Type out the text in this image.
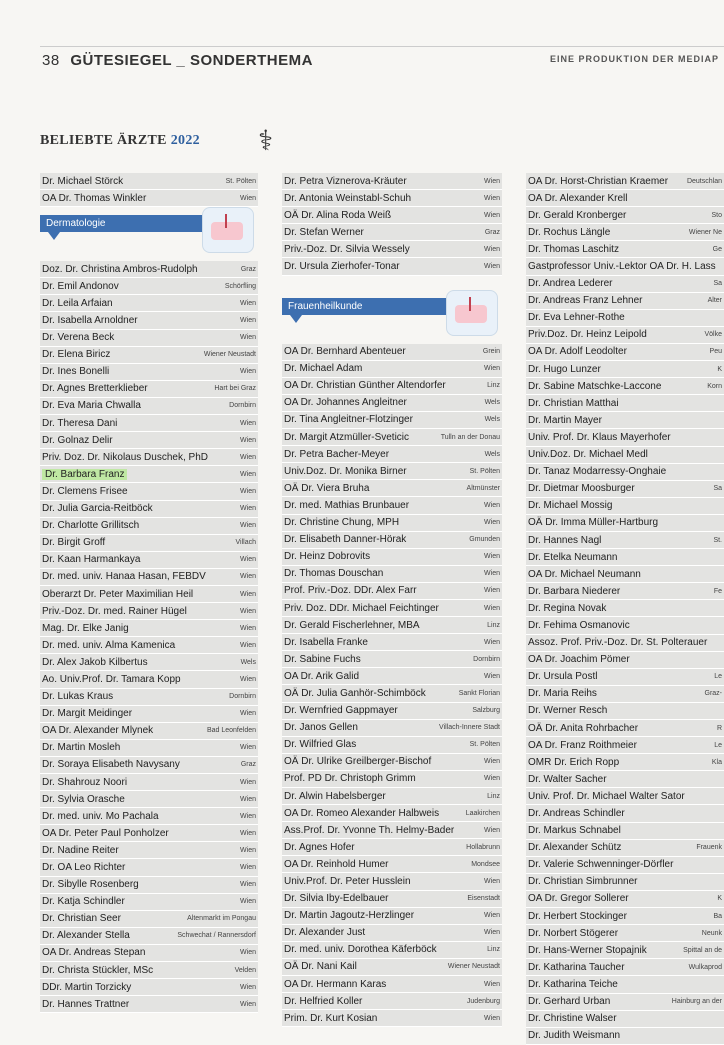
38 GÜTESIEGEL _ SONDERTHEMA	EINE PRODUKTION DER MEDIAP
BELIEBTE ÄRZTE 2022 ⚕
Dr. Michael Störck	St. Pölten
OA Dr. Thomas Winkler	Wien
Dermatologie
Doz. Dr. Christina Ambros-Rudolph	Graz
Dr. Emil Andonov	Schörfling
Dr. Leila Arfaian	Wien
Dr. Isabella Arnoldner	Wien
Dr. Verena Beck	Wien
Dr. Elena Biricz	Wiener Neustadt
Dr. Ines Bonelli	Wien
Dr. Agnes Bretterklieber	Hart bei Graz
Dr. Eva Maria Chwalla	Dornbirn
Dr. Theresa Dani	Wien
Dr. Golnaz Delir	Wien
Priv. Doz. Dr. Nikolaus Duschek, PhD	Wien
Dr. Barbara Franz	Wien
Dr. Clemens Frisee	Wien
Dr. Julia Garcia-Reitböck	Wien
Dr. Charlotte Grillitsch	Wien
Dr. Birgit Groff	Villach
Dr. Kaan Harmankaya	Wien
Dr. med. univ. Hanaa Hasan, FEBDV	Wien
Oberarzt Dr. Peter Maximilian Heil	Wien
Priv.-Doz. Dr. med. Rainer Hügel	Wien
Mag. Dr. Elke Janig	Wien
Dr. med. univ. Alma Kamenica	Wien
Dr. Alex Jakob Kilbertus	Wels
Ao. Univ.Prof. Dr. Tamara Kopp	Wien
Dr. Lukas Kraus	Dornbirn
Dr. Margit Meidinger	Wien
OA Dr. Alexander Mlynek	Bad Leonfelden
Dr. Martin Mosleh	Wien
Dr. Soraya Elisabeth Navysany	Graz
Dr. Shahrouz Noori	Wien
Dr. Sylvia Orasche	Wien
Dr. med. univ. Mo Pachala	Wien
OA Dr. Peter Paul Ponholzer	Wien
Dr. Nadine Reiter	Wien
Dr. OA Leo Richter	Wien
Dr. Sibylle Rosenberg	Wien
Dr. Katja Schindler	Wien
Dr. Christian Seer	Altenmarkt im Pongau
Dr. Alexander Stella	Schwechat / Rannersdorf
OA Dr. Andreas Stepan	Wien
Dr. Christa Stückler, MSc	Velden
DDr. Martin Torzicky	Wien
Dr. Hannes Trattner	Wien
Dr. Petra Viznerova-Kräuter	Wien
Dr. Antonia Weinstabl-Schuh	Wien
OÄ Dr. Alina Roda Weiß	Wien
Dr. Stefan Werner	Graz
Priv.-Doz. Dr. Silvia Wessely	Wien
Dr. Ursula Zierhofer-Tonar	Wien
Frauenheilkunde
OA Dr. Bernhard Abenteuer	Grein
Dr. Michael Adam	Wien
OA Dr. Christian Günther Altendorfer	Linz
OA Dr. Johannes Angleitner	Wels
Dr. Tina Angleitner-Flotzinger	Wels
Dr. Margit Atzmüller-Sveticic	Tulln an der Donau
Dr. Petra Bacher-Meyer	Wels
Univ.Doz. Dr. Monika Birner	St. Pölten
OÄ Dr. Viera Bruha	Altmünster
Dr. med. Mathias Brunbauer	Wien
Dr. Christine Chung, MPH	Wien
Dr. Elisabeth Danner-Hörak	Gmunden
Dr. Heinz Dobrovits	Wien
Dr. Thomas Douschan	Wien
Prof. Priv.-Doz. DDr. Alex Farr	Wien
Priv. Doz. DDr. Michael Feichtinger	Wien
Dr. Gerald Fischerlehner, MBA	Linz
Dr. Isabella Franke	Wien
Dr. Sabine Fuchs	Dornbirn
OA Dr. Arik Galid	Wien
OÄ Dr. Julia Ganhör-Schimböck	Sankt Florian
Dr. Wernfried Gappmayer	Salzburg
Dr. Janos Gellen	Villach-Innere Stadt
Dr. Wilfried Glas	St. Pölten
OÄ Dr. Ulrike Greilberger-Bischof	Wien
Prof. PD Dr. Christoph Grimm	Wien
Dr. Alwin Habelsberger	Linz
OA Dr. Romeo Alexander Halbweis	Laakirchen
Ass.Prof. Dr. Yvonne Th. Helmy-Bader	Wien
Dr. Agnes Hofer	Hollabrunn
OA Dr. Reinhold Humer	Mondsee
Univ.Prof. Dr. Peter Husslein	Wien
Dr. Silvia Iby-Edelbauer	Eisenstadt
Dr. Martin Jagoutz-Herzlinger	Wien
Dr. Alexander Just	Wien
Dr. med. univ. Dorothea Käferböck	Linz
OÄ Dr. Nani Kail	Wiener Neustadt
OA Dr. Hermann Karas	Wien
Dr. Helfried Koller	Judenburg
Prim. Dr. Kurt Kosian	Wien
OA Dr. Horst-Christian Kraemer	Deutschlan
OA Dr. Alexander Krell
Dr. Gerald Kronberger	Sto
Dr. Rochus Längle	Wiener Ne
Dr. Thomas Laschitz	Ge
Gastprofessor Univ.-Lektor OA Dr. H. Lass
Dr. Andrea Lederer	Sa
Dr. Andreas Franz Lehner	Alter
Dr. Eva Lehner-Rothe
Priv.Doz. Dr. Heinz Leipold	Völke
OA Dr. Adolf Leodolter	Peu
Dr. Hugo Lunzer	K
Dr. Sabine Matschke-Laccone	Korn
Dr. Christian Matthai
Dr. Martin Mayer
Univ. Prof. Dr. Klaus Mayerhofer
Univ.Doz. Dr. Michael Medl
Dr. Tanaz Modarressy-Onghaie
Dr. Dietmar Moosburger	Sa
Dr. Michael Mossig
OÄ Dr. Imma Müller-Hartburg
Dr. Hannes Nagl	St.
Dr. Etelka Neumann
OA Dr. Michael Neumann
Dr. Barbara Niederer	Fe
Dr. Regina Novak
Dr. Fehima Osmanovic
Assoz. Prof. Priv.-Doz. Dr. St. Polterauer
OA Dr. Joachim Pömer
Dr. Ursula Postl	Le
Dr. Maria Reihs	Graz-
Dr. Werner Resch
OÄ Dr. Anita Rohrbacher	R
OA Dr. Franz Roithmeier	Le
OMR Dr. Erich Ropp	Kla
Dr. Walter Sacher
Univ. Prof. Dr. Michael Walter Sator
Dr. Andreas Schindler
Dr. Markus Schnabel
Dr. Alexander Schütz	Frauenk
Dr. Valerie Schwenninger-Dörfler
Dr. Christian Simbrunner
OA Dr. Gregor Sollerer	K
Dr. Herbert Stockinger	Ba
Dr. Norbert Stögerer	Neunk
Dr. Hans-Werner Stopajnik	Spittal an de
Dr. Katharina Taucher	Wulkaprod
Dr. Katharina Teiche
Dr. Gerhard Urban	Hainburg an der
Dr. Christine Walser
Dr. Judith Weismann
